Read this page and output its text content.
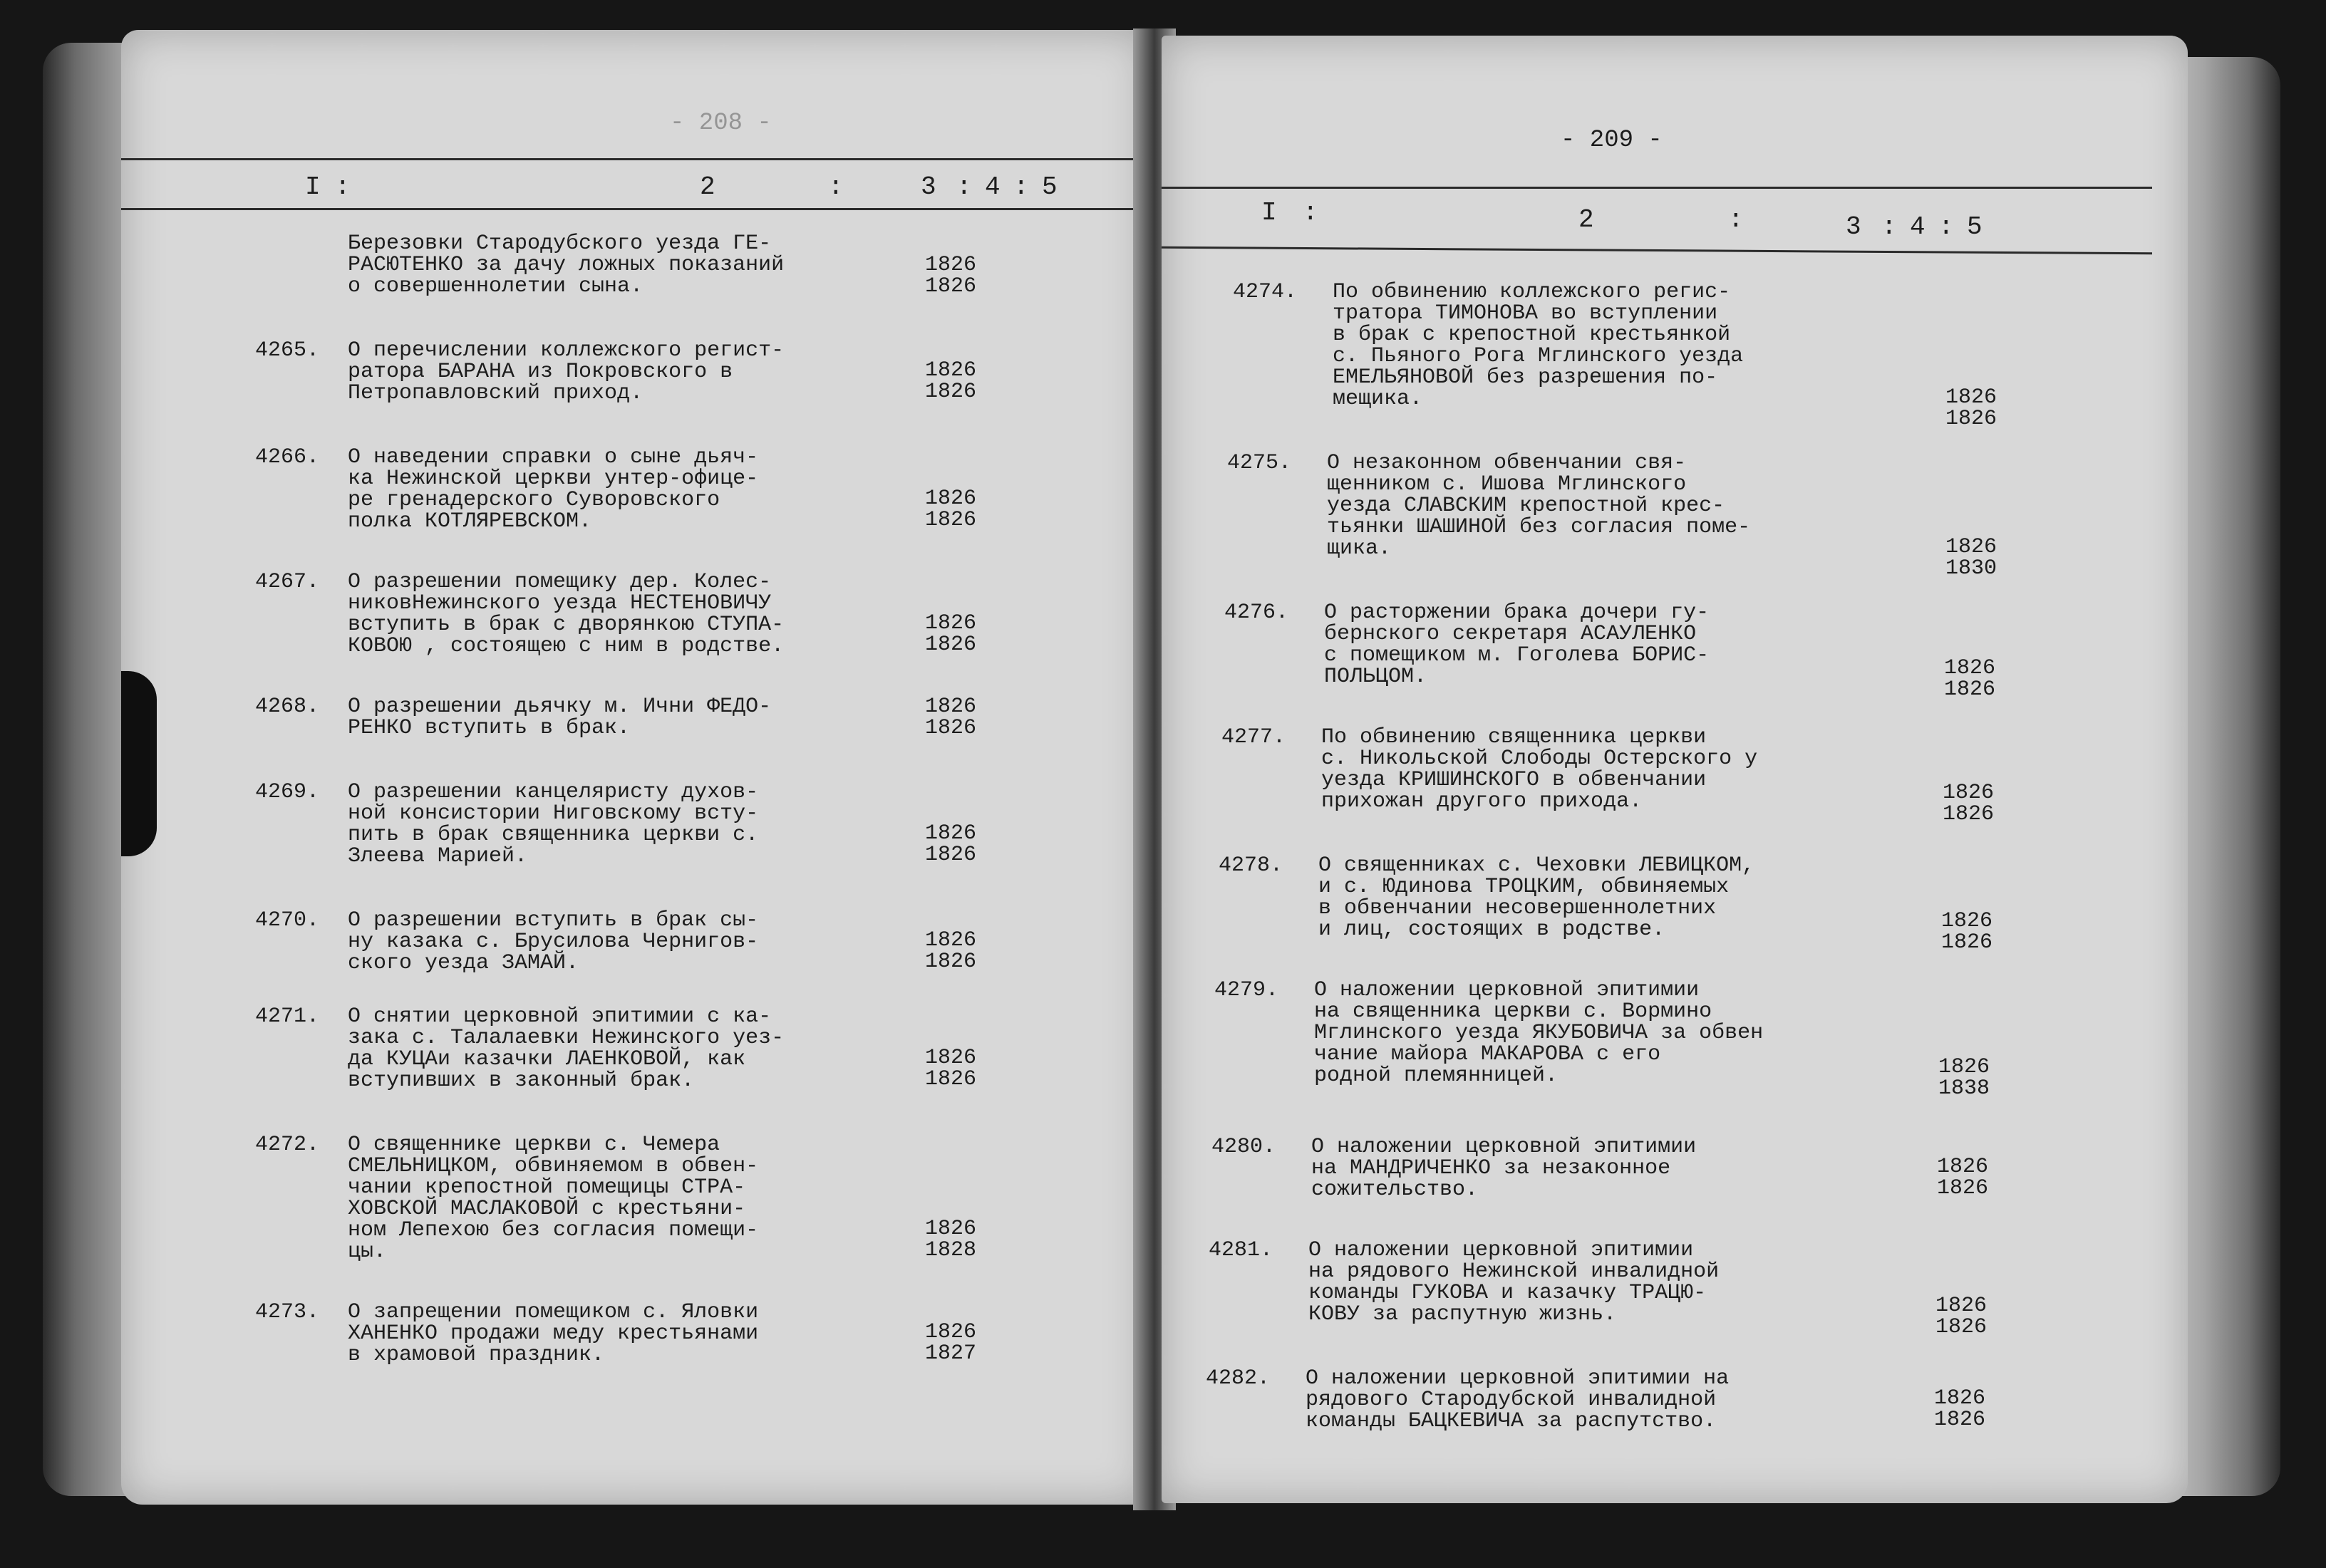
- 208 -
I :	2	:	3 : 4 : 5
Березовки Стародубского уезда ГЕ-
РАСЮТЕНКО за дачу ложных показаний
о совершеннолетии сына.
1826
1826
4265. О перечислении коллежского регист-
ратора БАРАНА из Покровского в
Петропавловский приход.
1826
1826
4266. О наведении справки о сыне дьяч-
ка Нежинской церкви унтер-офице-
ре гренадерского Суворовского
полка КОТЛЯРЕВСКОМ.
1826
1826
4267. О разрешении помещику дер. Колес-
никовНежинского уезда НЕСТЕНОВИЧУ
вступить в брак с дворянкою СТУПА-
КОВОЮ , состоящею с ним в родстве.
1826
1826
4268. О разрешении дьячку м. Ични ФЕДО-
РЕНКО вступить в брак.
1826
1826
4269. О разрешении канцеляристу духов-
ной консистории Ниговскому всту-
пить в брак священника церкви с.
Злеева Марией.
1826
1826
4270. О разрешении вступить в брак сы-
ну казака с. Брусилова Чернигов-
ского уезда ЗАМАЙ.
1826
1826
4271. О снятии церковной эпитимии с ка-
зака с. Талалаевки Нежинского уез-
да КУЦАи казачки ЛАЕНКОВОЙ, как
вступивших в законный брак.
1826
1826
4272. О священнике церкви с. Чемера
СМЕЛЬНИЦКОМ, обвиняемом в обвен-
чании крепостной помещицы СТРА-
ХОВСКОЙ МАСЛАКОВОЙ с крестьяни-
ном Лепехою без согласия помещи-
цы.
1826
1828
4273. О запрещении помещиком с. Яловки
ХАНЕНКО продажи меду крестьянами
в храмовой праздник.
1826
1827
- 209 -
I :	2	:	3 : 4 : 5
4274. По обвинению коллежского регис-
тратора ТИМОНОВА во вступлении
в брак с крепостной крестьянкой
с. Пьяного Рога Мглинского уезда
ЕМЕЛЬЯНОВОЙ без разрешения по-
мещика.	1826
1826
4275. О незаконном обвенчании свя-
щенником с. Ишова Мглинского
уезда СЛАВСКИМ крепостной крес-
тьянки ШАШИНОЙ без согласия поме-
щика.	1826
1830
4276. О расторжении брака дочери гу-
бернского секретаря АСАУЛЕНКО
с помещиком м. Гоголева БОРИС-
ПОЛЬЦОМ.	1826
1826
4277. По обвинению священника церкви
с. Никольской Слободы Остерского у
уезда КРИШИНСКОГО в обвенчании
прихожан другого прихода.	1826
1826
4278. О священниках с. Чеховки ЛЕВИЦКОМ,
и с. Юдинова ТРОЦКИМ, обвиняемых
в обвенчании несовершеннолетних
и лиц, состоящих в родстве.	1826
1826
4279. О наложении церковной эпитимии
на священника церкви с. Вормино
Мглинского уезда ЯКУБОВИЧА за обвен
чание майора МАКАРОВА с его
родной племянницей.	1826
1838
4280. О наложении церковной эпитимии
на МАНДРИЧЕНКО за незаконное
сожительство.
1826
1826
4281. О наложении церковной эпитимии
на рядового Нежинской инвалидной
команды ГУКОВА и казачку ТРАЦЮ-
КОВУ за распутную жизнь.	1826
1826
4282. О наложении церковной эпитимии на
рядового Стародубской инвалидной
команды БАЦКЕВИЧА за распутство.
1826
1826
